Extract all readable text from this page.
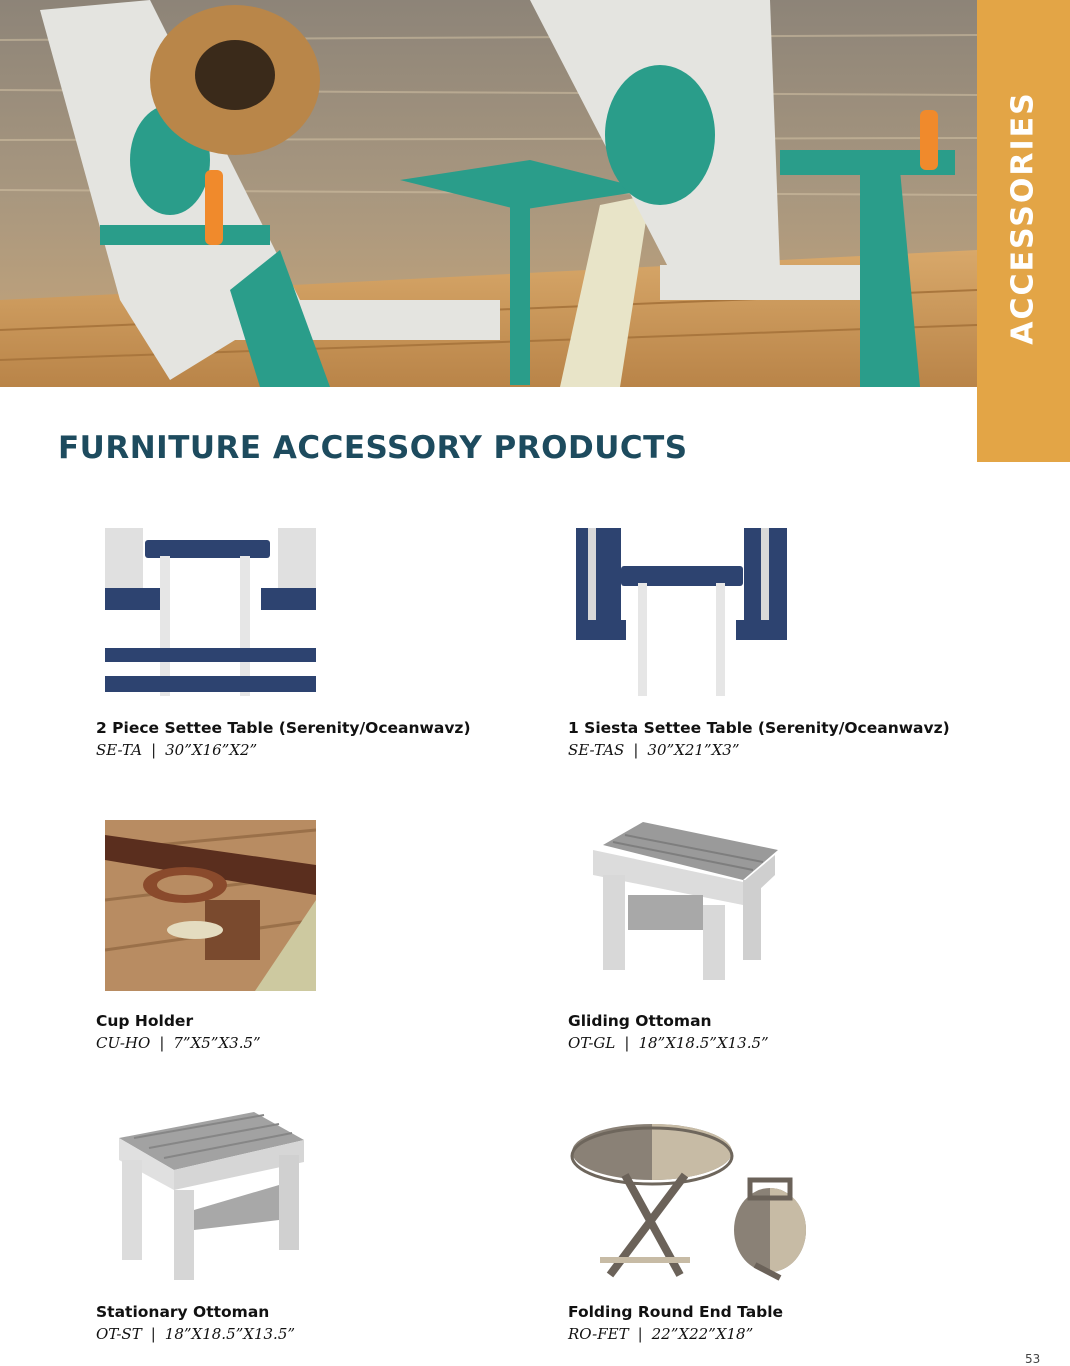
ACCESSORIES
FURNITURE ACCESSORY PRODUCTS
2 Piece Settee Table (Serenity/Oceanwavz)
SE-TA | 30”X16”X2”
1 Siesta Settee Table (Serenity/Oceanwavz)
SE-TAS | 30”X21”X3”
Cup Holder
CU-HO | 7”X5”X3.5”
Gliding Ottoman
OT-GL | 18”X18.5”X13.5”
Stationary Ottoman
OT-ST | 18”X18.5”X13.5”
Folding Round End Table
RO-FET | 22”X22”X18”
53
